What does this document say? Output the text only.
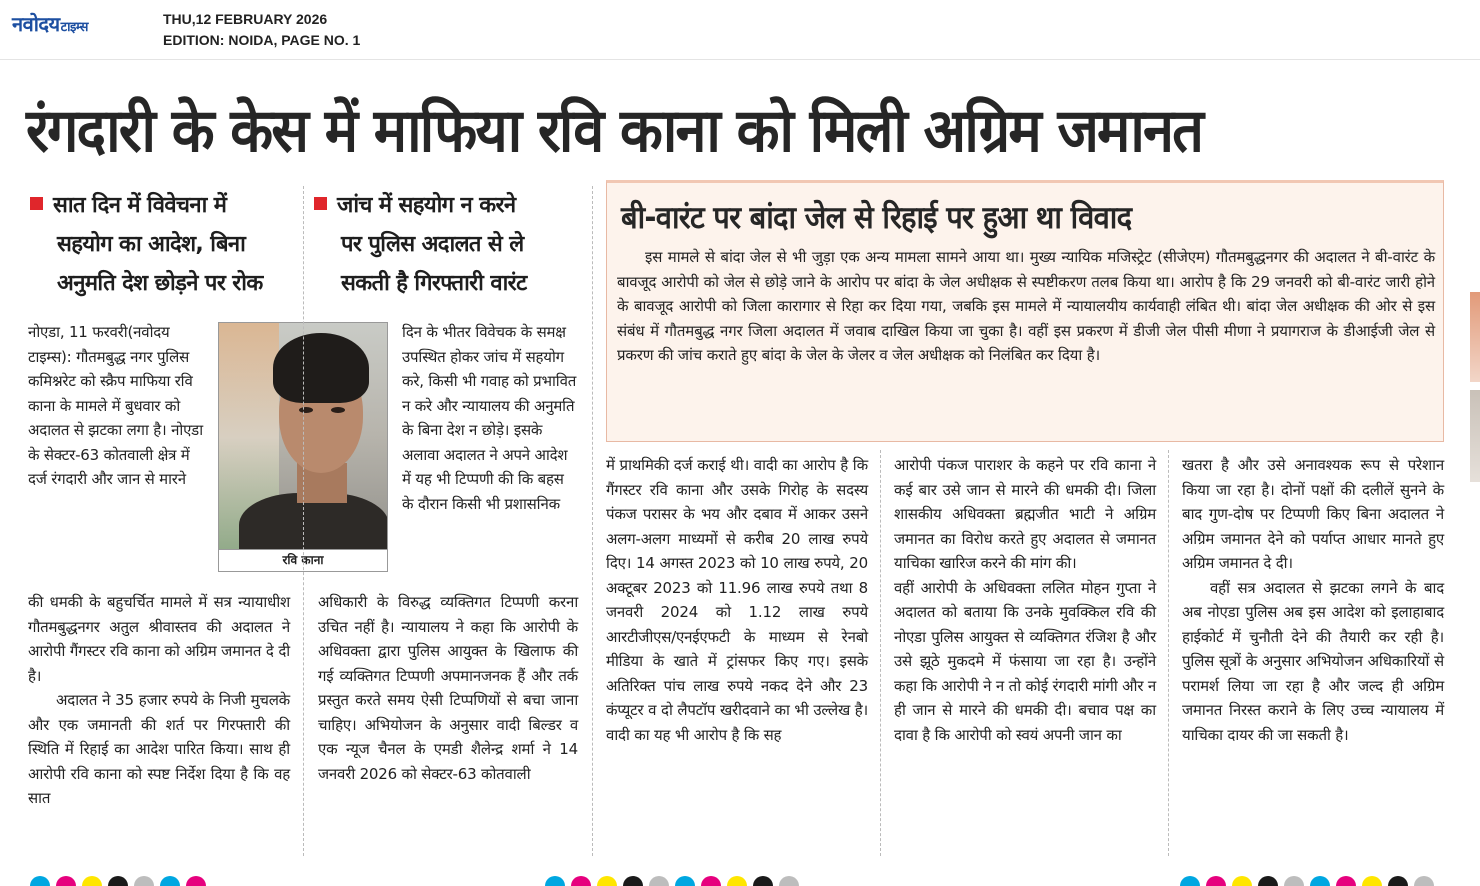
नवोदयटाइम्स
THU,12 FEBRUARY 2026
EDITION: NOIDA, PAGE NO. 1
रंगदारी के केस में माफिया रवि काना को मिली अग्रिम जमानत
सात दिन में विवेचना में
सहयोग का आदेश, बिना
अनुमति देश छोड़ने पर रोक
जांच में सहयोग न करने
पर पुलिस अदालत से ले
सकती है गिरफ्तारी वारंट
रवि काना
नोएडा, 11 फरवरी(नवोदय टाइम्स): गौतमबुद्ध नगर पुलिस कमिश्नरेट को स्क्रैप माफिया रवि काना के मामले में बुधवार को अदालत से झटका लगा है। नोएडा के सेक्टर-63 कोतवाली क्षेत्र में दर्ज रंगदारी और जान से मारने

की धमकी के बहुचर्चित मामले में सत्र न्यायाधीश गौतमबुद्धनगर अतुल श्रीवास्तव की अदालत ने आरोपी गैंगस्टर रवि काना को अग्रिम जमानत दे दी है।

अदालत ने 35 हजार रुपये के निजी मुचलके और एक जमानती की शर्त पर गिरफ्तारी की स्थिति में रिहाई का आदेश पारित किया। साथ ही आरोपी रवि काना को स्पष्ट निर्देश दिया है कि वह सात

दिन के भीतर विवेचक के समक्ष उपस्थित होकर जांच में सहयोग करे, किसी भी गवाह को प्रभावित न करे और न्यायालय की अनुमति के बिना देश न छोड़े। इसके अलावा अदालत ने अपने आदेश में यह भी टिप्पणी की कि बहस के दौरान किसी भी प्रशासनिक
अधिकारी के विरुद्ध व्यक्तिगत टिप्पणी करना उचित नहीं है। न्यायालय ने कहा कि आरोपी के अधिवक्ता द्वारा पुलिस आयुक्त के खिलाफ की गई व्यक्तिगत टिप्पणी अपमानजनक हैं और तर्क प्रस्तुत करते समय ऐसी टिप्पणियों से बचा जाना चाहिए। अभियोजन के अनुसार वादी बिल्डर व एक न्यूज चैनल के एमडी शैलेन्द्र शर्मा ने 14 जनवरी 2026 को सेक्टर-63 कोतवाली
में प्राथमिकी दर्ज कराई थी। वादी का आरोप है कि गैंगस्टर रवि काना और उसके गिरोह के सदस्य पंकज परासर के भय और दबाव में आकर उसने अलग-अलग माध्यमों से करीब 20 लाख रुपये दिए। 14 अगस्त 2023 को 10 लाख रुपये, 20 अक्टूबर 2023 को 11.96 लाख रुपये तथा 8 जनवरी 2024 को 1.12 लाख रुपये आरटीजीएस/एनईएफटी के माध्यम से रेनबो मीडिया के खाते में ट्रांसफर किए गए। इसके अतिरिक्त पांच लाख रुपये नकद देने और 23 कंप्यूटर व दो लैपटॉप खरीदवाने का भी उल्लेख है। वादी का यह भी आरोप है कि सह

आरोपी पंकज पाराशर के कहने पर रवि काना ने कई बार उसे जान से मारने की धमकी दी। जिला शासकीय अधिवक्ता ब्रह्मजीत भाटी ने अग्रिम जमानत का विरोध करते हुए अदालत से जमानत याचिका खारिज करने की मांग की।

वहीं आरोपी के अधिवक्ता ललित मोहन गुप्ता ने अदालत को बताया कि उनके मुवक्किल रवि की नोएडा पुलिस आयुक्त से व्यक्तिगत रंजिश है और उसे झूठे मुकदमे में फंसाया जा रहा है। उन्होंने कहा कि आरोपी ने न तो कोई रंगदारी मांगी और न ही जान से मारने की धमकी दी। बचाव पक्ष का दावा है कि आरोपी को स्वयं अपनी जान का

खतरा है और उसे अनावश्यक रूप से परेशान किया जा रहा है। दोनों पक्षों की दलीलें सुनने के बाद गुण-दोष पर टिप्पणी किए बिना अदालत ने अग्रिम जमानत देने को पर्याप्त आधार मानते हुए अग्रिम जमानत दे दी।

वहीं सत्र अदालत से झटका लगने के बाद अब नोएडा पुलिस अब इस आदेश को इलाहाबाद हाईकोर्ट में चुनौती देने की तैयारी कर रही है। पुलिस सूत्रों के अनुसार अभियोजन अधिकारियों से परामर्श लिया जा रहा है और जल्द ही अग्रिम जमानत निरस्त कराने के लिए उच्च न्यायालय में याचिका दायर की जा सकती है।

बी-वारंट पर बांदा जेल से रिहाई पर हुआ था विवाद

इस मामले से बांदा जेल से भी जुड़ा एक अन्य मामला सामने आया था। मुख्य न्यायिक मजिस्ट्रेट (सीजेएम) गौतमबुद्धनगर की अदालत ने बी-वारंट के बावजूद आरोपी को जेल से छोड़े जाने के आरोप पर बांदा के जेल अधीक्षक से स्पष्टीकरण तलब किया था। आरोप है कि 29 जनवरी को बी-वारंट जारी होने के बावजूद आरोपी को जिला कारागार से रिहा कर दिया गया, जबकि इस मामले में न्यायालयीय कार्यवाही लंबित थी। बांदा जेल अधीक्षक की ओर से इस संबंध में गौतमबुद्ध नगर जिला अदालत में जवाब दाखिल किया जा चुका है। वहीं इस प्रकरण में डीजी जेल पीसी मीणा ने प्रयागराज के डीआईजी जेल से प्रकरण की जांच कराते हुए बांदा के जेल के जेलर व जेल अधीक्षक को निलंबित कर दिया है।
